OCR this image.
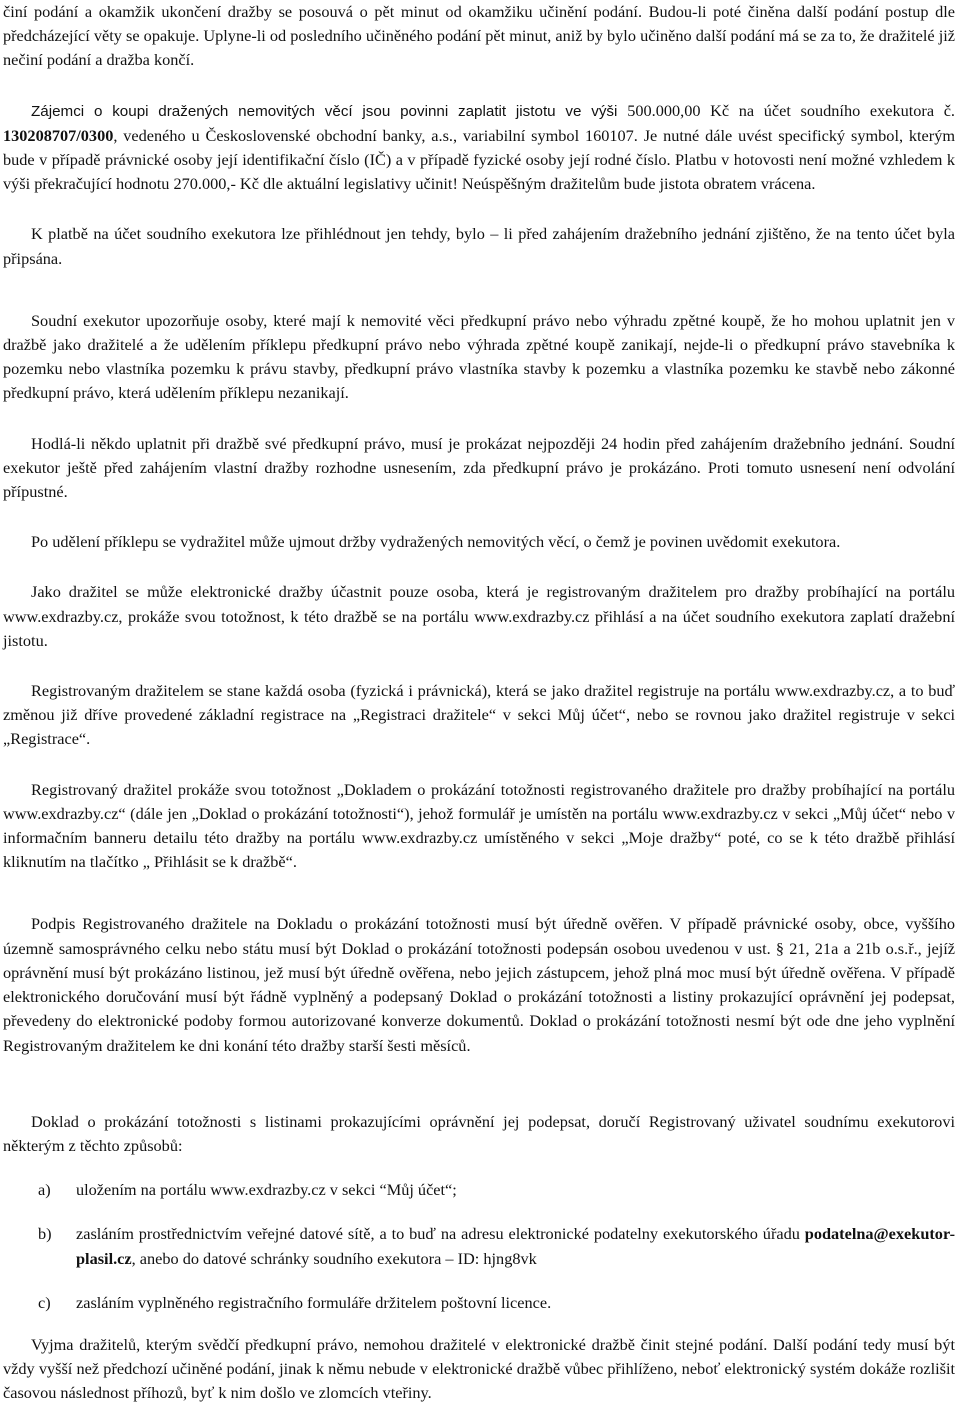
činí podání a okamžik ukončení dražby se posouvá o pět minut od okamžiku učinění podání. Budou-li poté činěna další podání postup dle předcházející věty se opakuje. Uplyne-li od posledního učiněného podání pět minut, aniž by bylo učiněno další podání má se za to, že dražitelé již nečiní podání a dražba končí.

Zájemci o koupi dražených nemovitých věcí jsou povinni zaplatit jistotu ve výši 500.000,00 Kč na účet soudního exekutora č. 130208707/0300, vedeného u Československé obchodní banky, a.s., variabilní symbol 160107. Je nutné dále uvést specifický symbol, kterým bude v případě právnické osoby její identifikační číslo (IČ) a v případě fyzické osoby její rodné číslo. Platbu v hotovosti není možné vzhledem k výši překračující hodnotu 270.000,- Kč dle aktuální legislativy učinit! Neúspěšným dražitelům bude jistota obratem vrácena.

K platbě na účet soudního exekutora lze přihlédnout jen tehdy, bylo – li před zahájením dražebního jednání zjištěno, že na tento účet byla připsána.

Soudní exekutor upozorňuje osoby, které mají k nemovité věci předkupní právo nebo výhradu zpětné koupě, že ho mohou uplatnit jen v dražbě jako dražitelé a že udělením příklepu předkupní právo nebo výhrada zpětné koupě zanikají, nejde-li o předkupní právo stavebníka k pozemku nebo vlastníka pozemku k právu stavby, předkupní právo vlastníka stavby k pozemku a vlastníka pozemku ke stavbě nebo zákonné předkupní právo, která udělením příklepu nezanikají.

Hodlá-li někdo uplatnit při dražbě své předkupní právo, musí je prokázat nejpozději 24 hodin před zahájením dražebního jednání. Soudní exekutor ještě před zahájením vlastní dražby rozhodne usnesením, zda předkupní právo je prokázáno. Proti tomuto usnesení není odvolání přípustné.

Po udělení příklepu se vydražitel může ujmout držby vydražených nemovitých věcí, o čemž je povinen uvědomit exekutora.

Jako dražitel se může elektronické dražby účastnit pouze osoba, která je registrovaným dražitelem pro dražby probíhající na portálu www.exdrazby.cz, prokáže svou totožnost, k této dražbě se na portálu www.exdrazby.cz přihlásí a na účet soudního exekutora zaplatí dražební jistotu.

Registrovaným dražitelem se stane každá osoba (fyzická i právnická), která se jako dražitel registruje na portálu www.exdrazby.cz, a to buď změnou již dříve provedené základní registrace na „Registraci dražitele“ v sekci Můj účet“, nebo se rovnou jako dražitel registruje v sekci „Registrace“.

Registrovaný dražitel prokáže svou totožnost „Dokladem o prokázání totožnosti registrovaného dražitele pro dražby probíhající na portálu www.exdrazby.cz“ (dále jen „Doklad o prokázání totožnosti“), jehož formulář je umístěn na portálu www.exdrazby.cz v sekci „Můj účet“ nebo v informačním banneru detailu této dražby na portálu www.exdrazby.cz umístěného v sekci „Moje dražby“ poté, co se k této dražbě přihlásí kliknutím na tlačítko „ Přihlásit se k dražbě“.

Podpis Registrovaného dražitele na Dokladu o prokázání totožnosti musí být úředně ověřen. V případě právnické osoby, obce, vyššího územně samosprávného celku nebo státu musí být Doklad o prokázání totožnosti podepsán osobou uvedenou v ust. § 21, 21a a 21b o.s.ř., jejíž oprávnění musí být prokázáno listinou, jež musí být úředně ověřena, nebo jejich zástupcem, jehož plná moc musí být úředně ověřena. V případě elektronického doručování musí být řádně vyplněný a podepsaný Doklad o prokázání totožnosti a listiny prokazující oprávnění jej podepsat, převedeny do elektronické podoby formou autorizované konverze dokumentů. Doklad o prokázání totožnosti nesmí být ode dne jeho vyplnění Registrovaným dražitelem ke dni konání této dražby starší šesti měsíců.

Doklad o prokázání totožnosti s listinami prokazujícími oprávnění jej podepsat, doručí Registrovaný uživatel soudnímu exekutorovi některým z těchto způsobů:

a)	uložením na portálu www.exdrazby.cz v sekci “Můj účet“;
b)	zasláním prostřednictvím veřejné datové sítě, a to buď na adresu elektronické podatelny exekutorského úřadu podatelna@exekutor-plasil.cz, anebo do datové schránky soudního exekutora – ID: hjng8vk
c)	zasláním vyplněného registračního formuláře držitelem poštovní licence.

Vyjma dražitelů, kterým svědčí předkupní právo, nemohou dražitelé v elektronické dražbě činit stejné podání. Další podání tedy musí být vždy vyšší než předchozí učiněné podání, jinak k němu nebude v elektronické dražbě vůbec přihlíženo, neboť elektronický systém dokáže rozlišit časovou následnost příhozů, byť k nim došlo ve zlomcích vteřiny.
